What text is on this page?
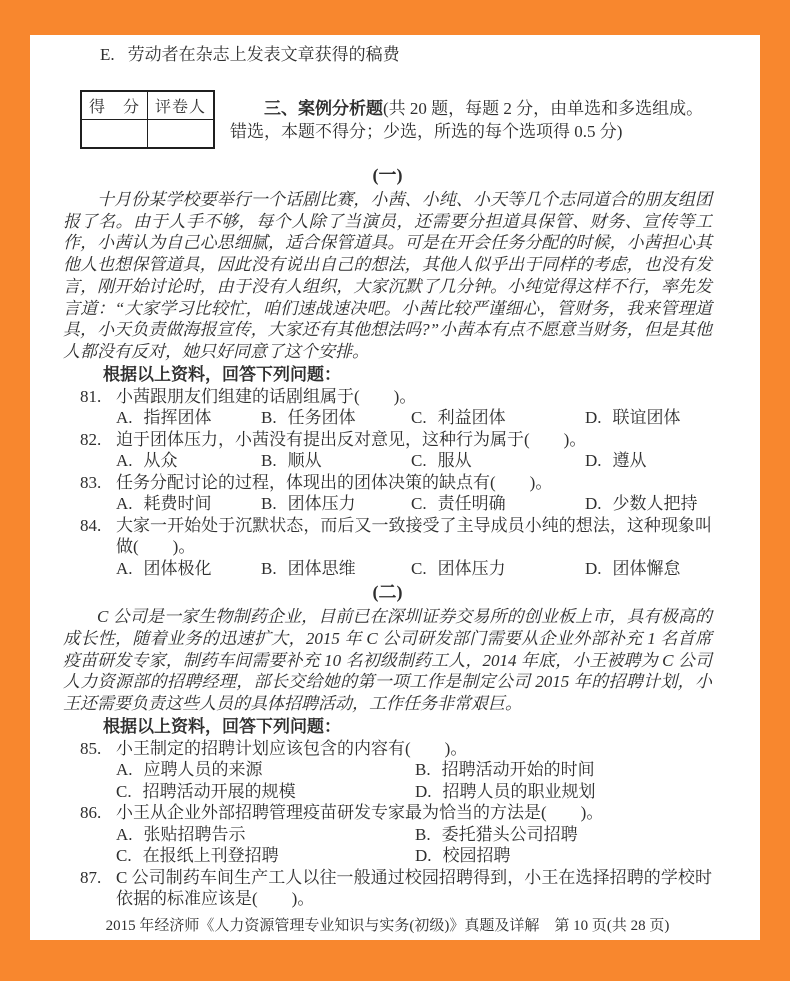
E. 劳动者在杂志上发表文章获得的稿费
得　分	评卷人
		三、案例分析题(共 20 题，每题 2 分，由单选和多选组成。

错选，本题不得分；少选，所选的每个选项得 0.5 分)

(一)

十月份某学校要举行一个话剧比赛，小茜、小纯、小天等几个志同道合的朋友组团报了名。由于人手不够，每个人除了当演员，还需要分担道具保管、财务、宣传等工作，小茜认为自己心思细腻，适合保管道具。可是在开会任务分配的时候，小茜担心其他人也想保管道具，因此没有说出自己的想法，其他人似乎出于同样的考虑，也没有发言，刚开始讨论时，由于没有人组织，大家沉默了几分钟。小纯觉得这样不行，率先发言道：“大家学习比较忙，咱们速战速决吧。小茜比较严谨细心，管财务，我来管理道具，小天负责做海报宣传，大家还有其他想法吗?”小茜本有点不愿意当财务，但是其他人都没有反对，她只好同意了这个安排。

根据以上资料，回答下列问题：

81. 小茜跟朋友们组建的话剧组属于(　　)。
A. 指挥团体	B. 任务团体	C. 利益团体	D. 联谊团体
82. 迫于团体压力，小茜没有提出反对意见，这种行为属于(　　)。
A. 从众	B. 顺从	C. 服从	D. 遵从
83. 任务分配讨论的过程，体现出的团体决策的缺点有(　　)。
A. 耗费时间	B. 团体压力	C. 责任明确	D. 少数人把持
84. 大家一开始处于沉默状态，而后又一致接受了主导成员小纯的想法，这种现象叫做(　　)。
A. 团体极化	B. 团体思维	C. 团体压力	D. 团体懈怠
(二)

C 公司是一家生物制药企业，目前已在深圳证券交易所的创业板上市，具有极高的成长性，随着业务的迅速扩大，2015 年 C 公司研发部门需要从企业外部补充 1 名首席疫苗研发专家，制药车间需要补充 10 名初级制药工人，2014 年底，小王被聘为 C 公司人力资源部的招聘经理，部长交给她的第一项工作是制定公司 2015 年的招聘计划，小王还需要负责这些人员的具体招聘活动，工作任务非常艰巨。

根据以上资料，回答下列问题：

85. 小王制定的招聘计划应该包含的内容有(　　)。
A. 应聘人员的来源	B. 招聘活动开始的时间
C. 招聘活动开展的规模	D. 招聘人员的职业规划
86. 小王从企业外部招聘管理疫苗研发专家最为恰当的方法是(　　)。
A. 张贴招聘告示	B. 委托猎头公司招聘
C. 在报纸上刊登招聘	D. 校园招聘
87. C 公司制药车间生产工人以往一般通过校园招聘得到，小王在选择招聘的学校时依据的标准应该是(　　)。
2015 年经济师《人力资源管理专业知识与实务(初级)》真题及详解　第 10 页(共 28 页)
